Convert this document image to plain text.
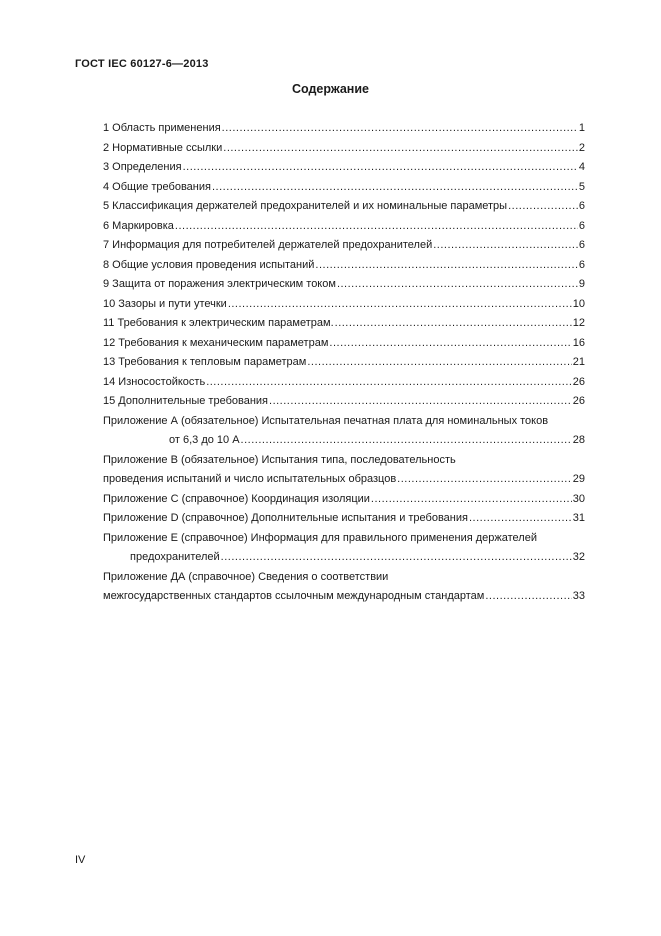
ГОСТ IEC 60127-6—2013
Содержание
1 Область применения .....	1
2 Нормативные ссылки .....	2
3 Определения .....	4
4 Общие требования .....	5
5 Классификация держателей предохранителей и их номинальные параметры .....	6
6 Маркировка .....	6
7 Информация для потребителей держателей предохранителей .....	6
8 Общие условия проведения испытаний .....	6
9 Защита от поражения электрическим током .....	9
10 Зазоры и пути утечки .....	10
11 Требования к электрическим параметрам. .....	12
12 Требования к механическим параметрам .....	16
13 Требования к тепловым параметрам .....	21
14 Износостойкость .....	26
15 Дополнительные требования .....	26
Приложение А (обязательное) Испытательная печатная плата для номинальных токов
от 6,3 до 10 А .....	28
Приложение В (обязательное) Испытания типа, последовательность
проведения испытаний и число испытательных образцов .....	29
Приложение С (справочное) Координация изоляции .....	30
Приложение D (справочное) Дополнительные испытания и требования .....	31
Приложение Е (справочное) Информация для правильного применения держателей
предохранителей .....	32
Приложение ДА (справочное) Сведения о соответствии
межгосударственных стандартов ссылочным международным стандартам .....	33
IV
